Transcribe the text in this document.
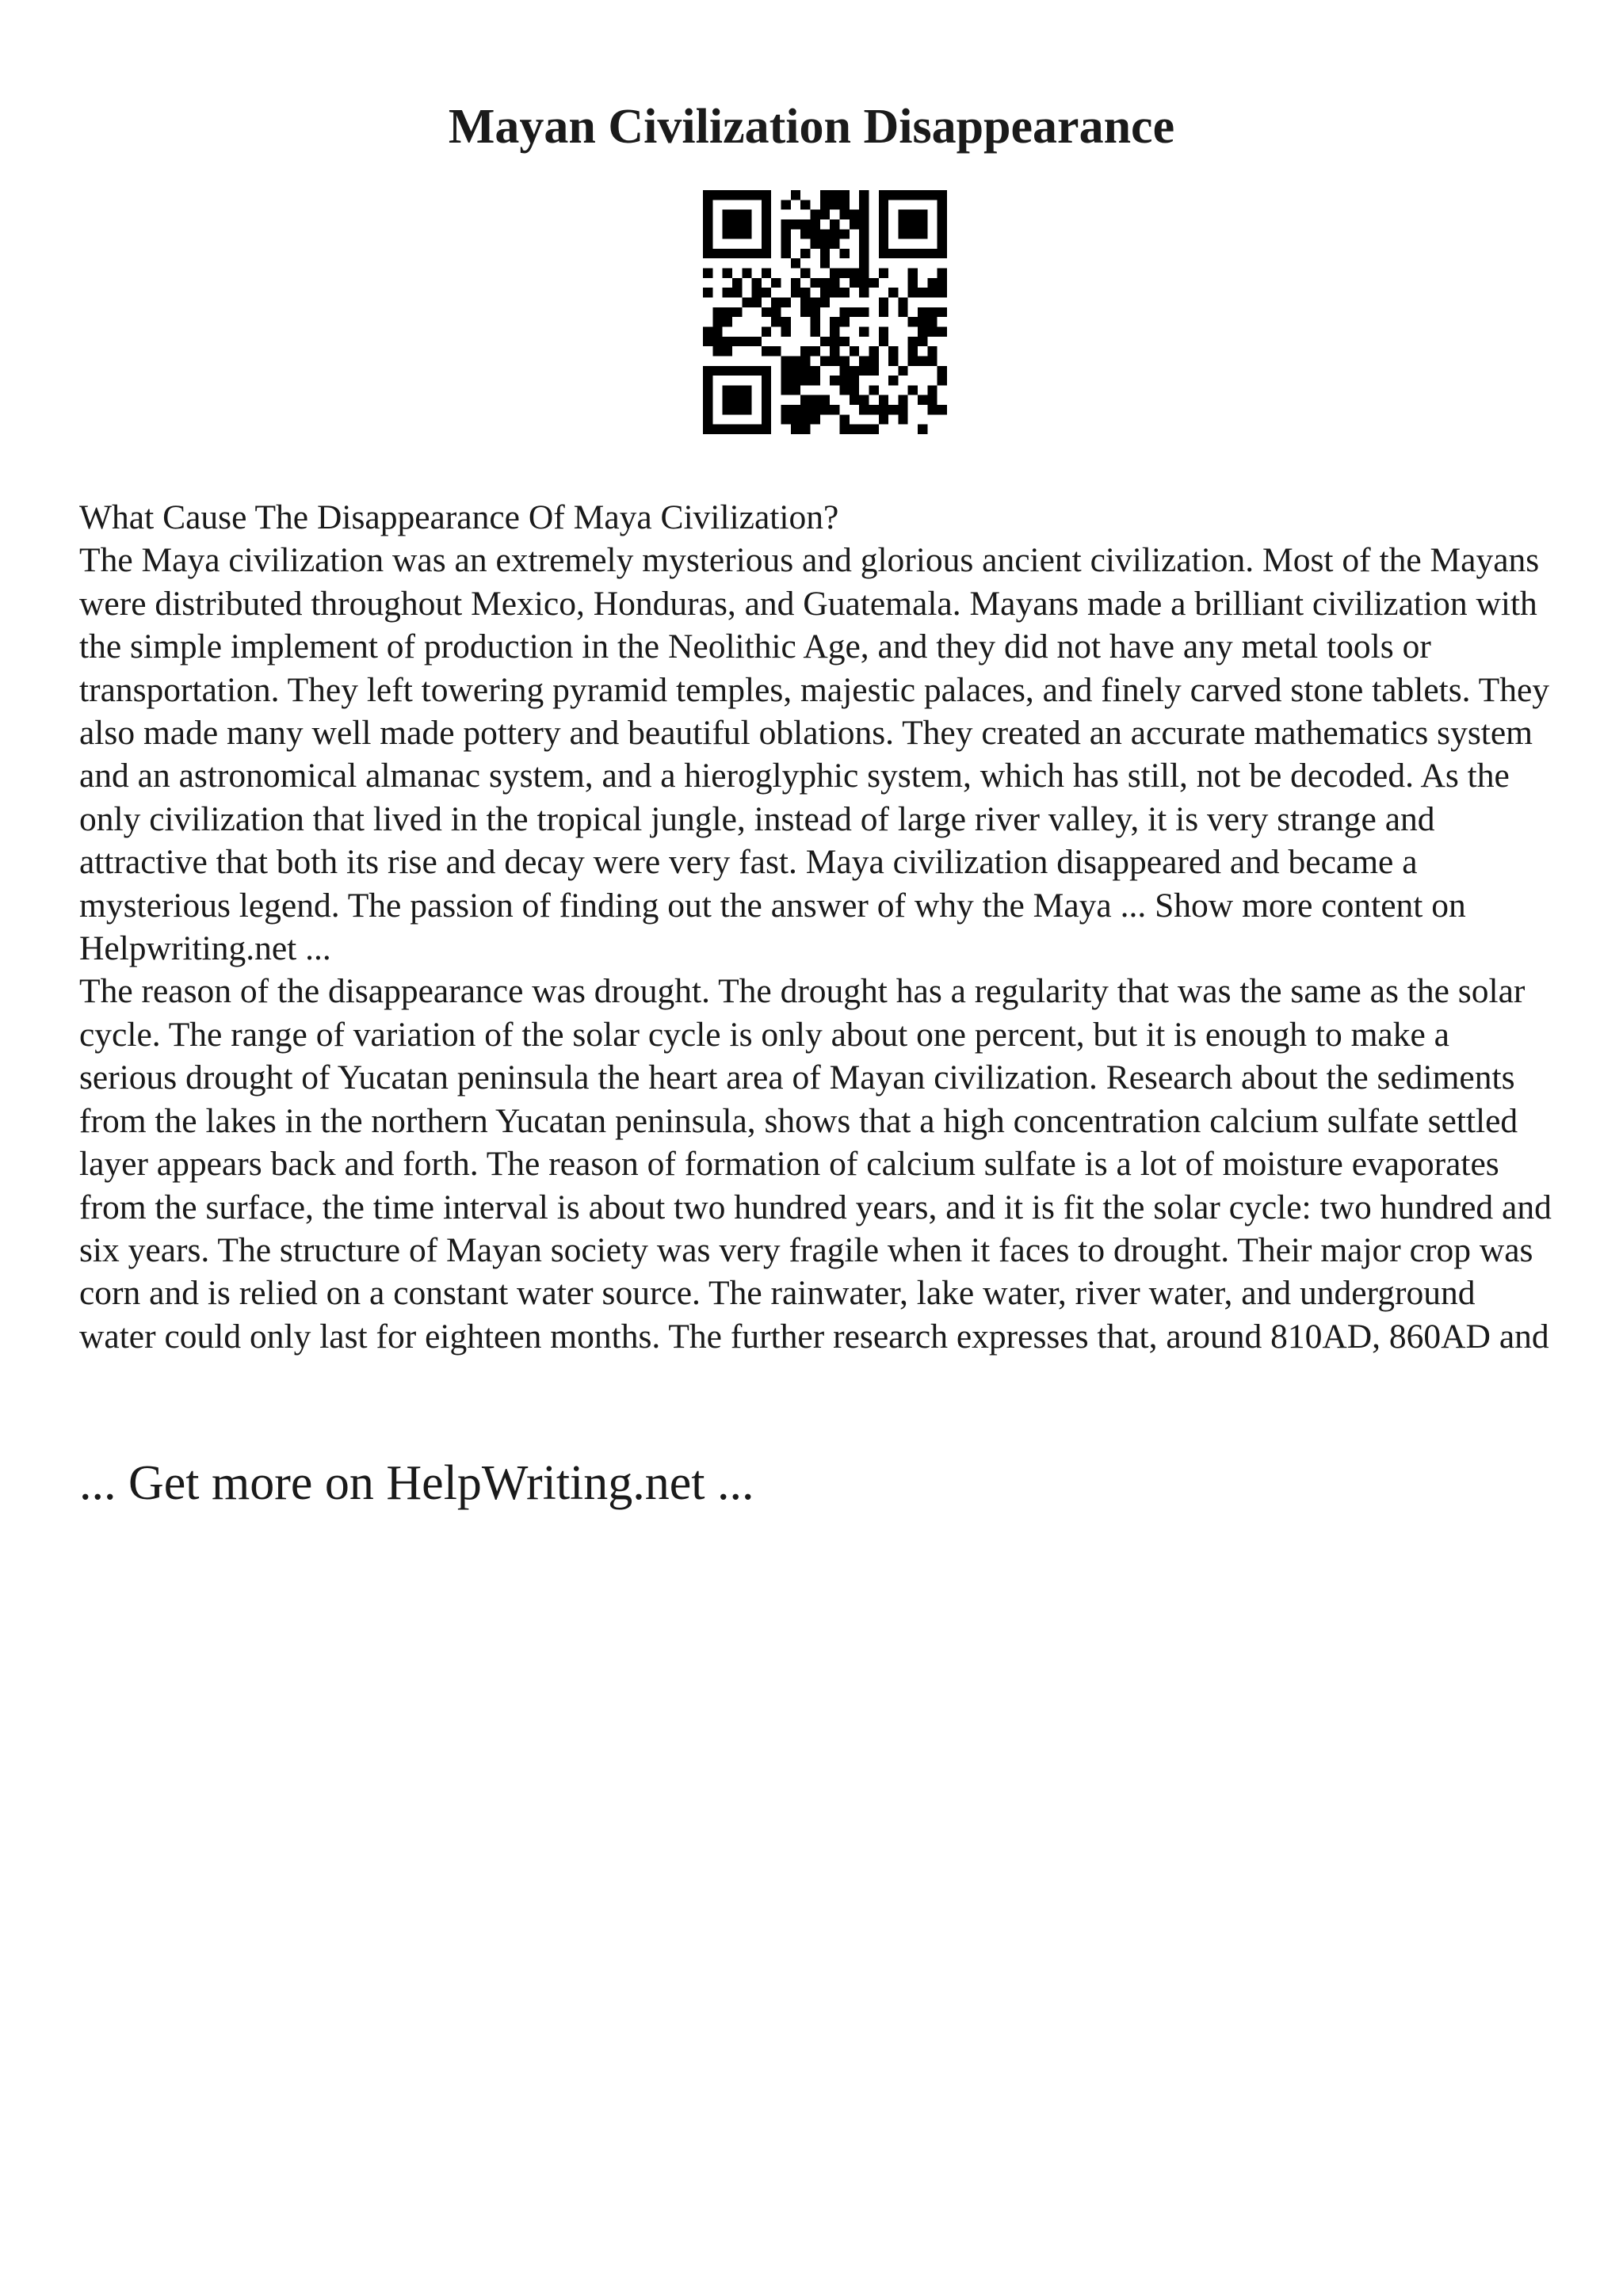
Mayan Civilization Disappearance

What Cause The Disappearance Of Maya Civilization?

The Maya civilization was an extremely mysterious and glorious ancient civilization. Most of the Mayans were distributed throughout Mexico, Honduras, and Guatemala. Mayans made a brilliant civilization with the simple implement of production in the Neolithic Age, and they did not have any metal tools or transportation. They left towering pyramid temples, majestic palaces, and finely carved stone tablets. They also made many well made pottery and beautiful oblations. They created an accurate mathematics system and an astronomical almanac system, and a hieroglyphic system, which has still, not be decoded. As the only civilization that lived in the tropical jungle, instead of large river valley, it is very strange and attractive that both its rise and decay were very fast. Maya civilization disappeared and became a mysterious legend. The passion of finding out the answer of why the Maya ... Show more content on Helpwriting.net ...

The reason of the disappearance was drought. The drought has a regularity that was the same as the solar cycle. The range of variation of the solar cycle is only about one percent, but it is enough to make a serious drought of Yucatan peninsula the heart area of Mayan civilization. Research about the sediments from the lakes in the northern Yucatan peninsula, shows that a high concentration calcium sulfate settled layer appears back and forth. The reason of formation of calcium sulfate is a lot of moisture evaporates from the surface, the time interval is about two hundred years, and it is fit the solar cycle: two hundred and six years. The structure of Mayan society was very fragile when it faces to drought. Their major crop was corn and is relied on a constant water source. The rainwater, lake water, river water, and underground water could only last for eighteen months. The further research expresses that, around 810AD, 860AD and

... Get more on HelpWriting.net ...
